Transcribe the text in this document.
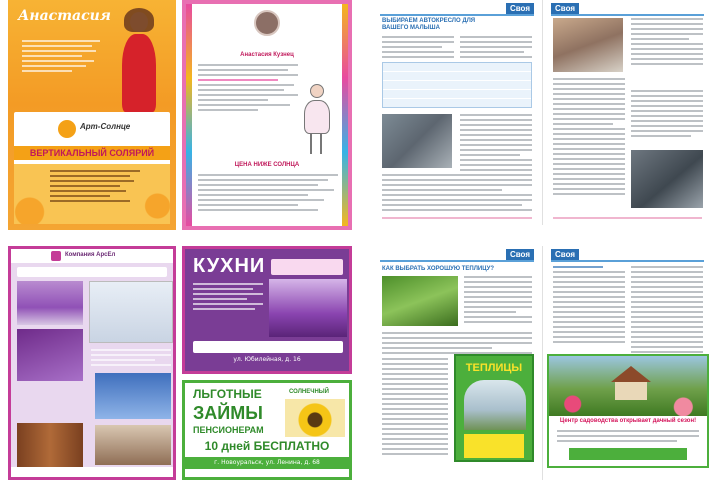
Анастасия
Арт-Солнце
ВЕРТИКАЛЬНЫЙ СОЛЯРИЙ
Анастасия Кузнец
ЦЕНА НИЖЕ СОЛНЦА
Своя
ВЫБИРАЕМ АВТОКРЕСЛО ДЛЯ ВАШЕГО МАЛЫША
Своя
Компания АрсЕл	КУХНИ
ул. Юбилейная, д. 16
ЛЬГОТНЫЕ
ЗАЙМЫ
ПЕНСИОНЕРАМ
СОЛНЕЧНЫЙ
10 дней БЕСПЛАТНО
г. Новоуральск, ул. Ленина, д. 68
Своя
КАК ВЫБРАТЬ ХОРОШУЮ ТЕПЛИЦУ?
ТЕПЛИЦЫ
Своя
Центр садоводства открывает дачный сезон!
